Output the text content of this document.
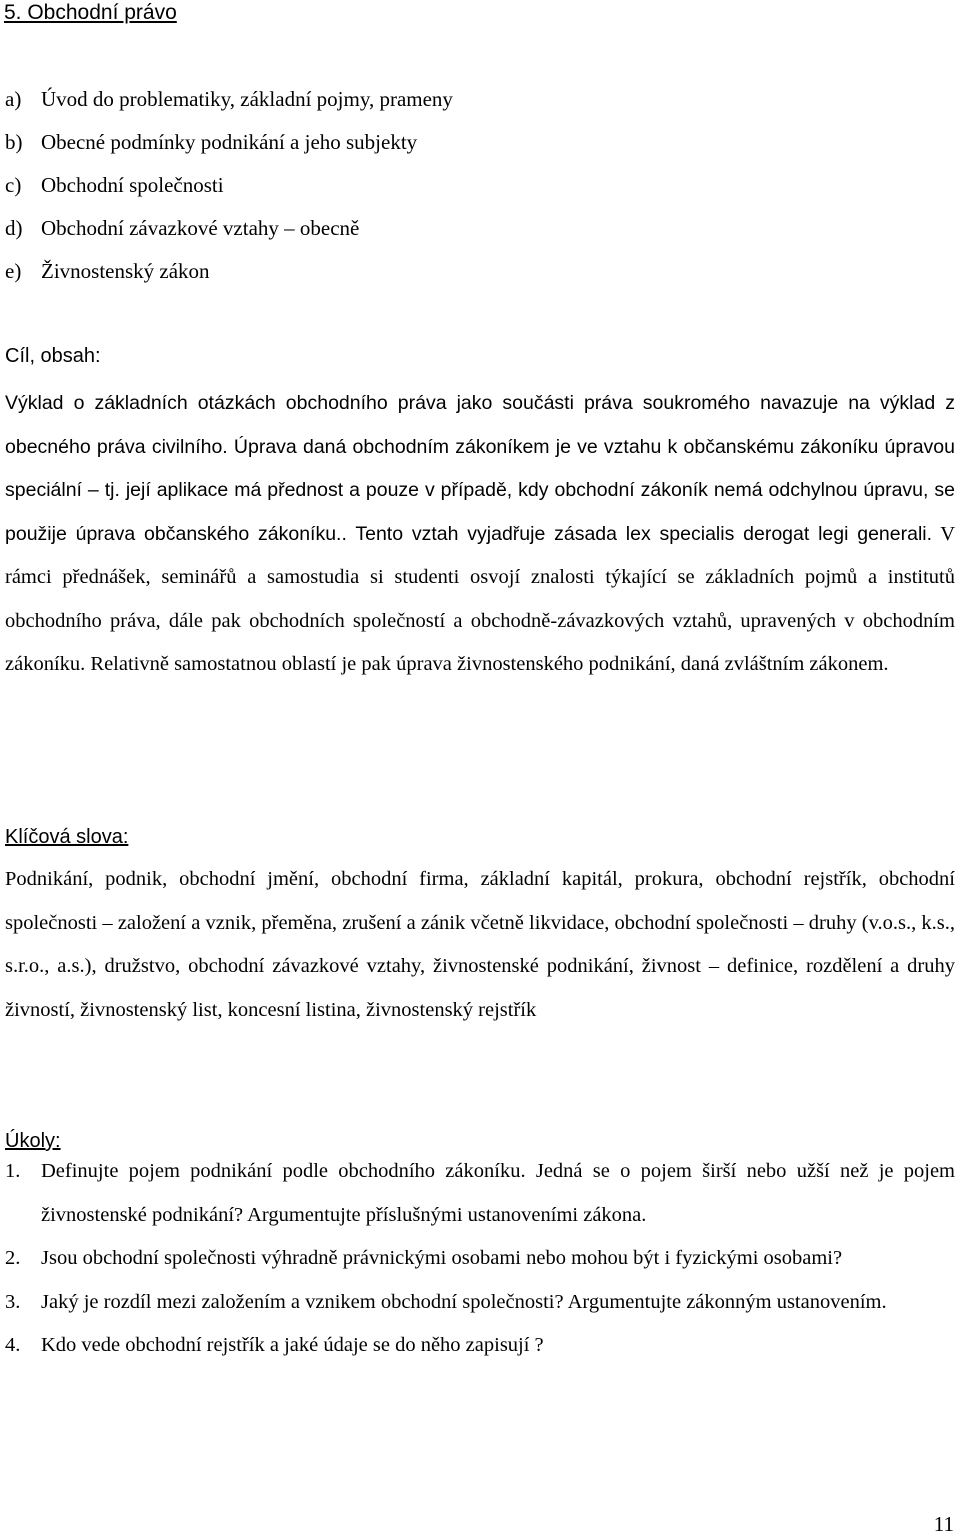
5. Obchodní právo
a) Úvod do problematiky, základní pojmy, prameny
b) Obecné podmínky podnikání a jeho subjekty
c) Obchodní společnosti
d) Obchodní závazkové vztahy – obecně
e) Živnostenský zákon
Cíl, obsah:
Výklad o základních otázkách obchodního práva jako součásti práva soukromého navazuje na výklad z obecného práva civilního. Úprava daná obchodním zákoníkem je ve vztahu k občanskému zákoníku úpravou speciální – tj. její aplikace má přednost a pouze v případě, kdy obchodní zákoník nemá odchylnou úpravu, se použije úprava občanského zákoníku.. Tento vztah vyjadřuje zásada lex specialis derogat legi generali. V rámci přednášek, seminářů a samostudia si studenti osvojí znalosti týkající se základních pojmů a institutů obchodního práva, dále pak obchodních společností a obchodně-závazkových vztahů, upravených v obchodním zákoníku. Relativně samostatnou oblastí je pak úprava živnostenského podnikání, daná zvláštním zákonem.
Klíčová slova:
Podnikání, podnik, obchodní jmění, obchodní firma, základní kapitál, prokura, obchodní rejstřík, obchodní společnosti – založení a vznik, přeměna, zrušení a zánik včetně likvidace, obchodní společnosti – druhy (v.o.s., k.s., s.r.o., a.s.), družstvo, obchodní závazkové vztahy, živnostenské podnikání, živnost – definice, rozdělení a druhy živností, živnostenský list, koncesní listina, živnostenský rejstřík
Úkoly:
1.	Definujte pojem podnikání podle obchodního zákoníku. Jedná se o pojem širší nebo užší než je pojem živnostenské podnikání? Argumentujte příslušnými ustanoveními zákona.
2.	Jsou obchodní společnosti výhradně právnickými osobami nebo mohou být i fyzickými osobami?
3.	Jaký je rozdíl mezi založením a vznikem obchodní společnosti? Argumentujte zákonným ustanovením.
4.	Kdo vede obchodní rejstřík a jaké údaje se do něho zapisují ?
11
